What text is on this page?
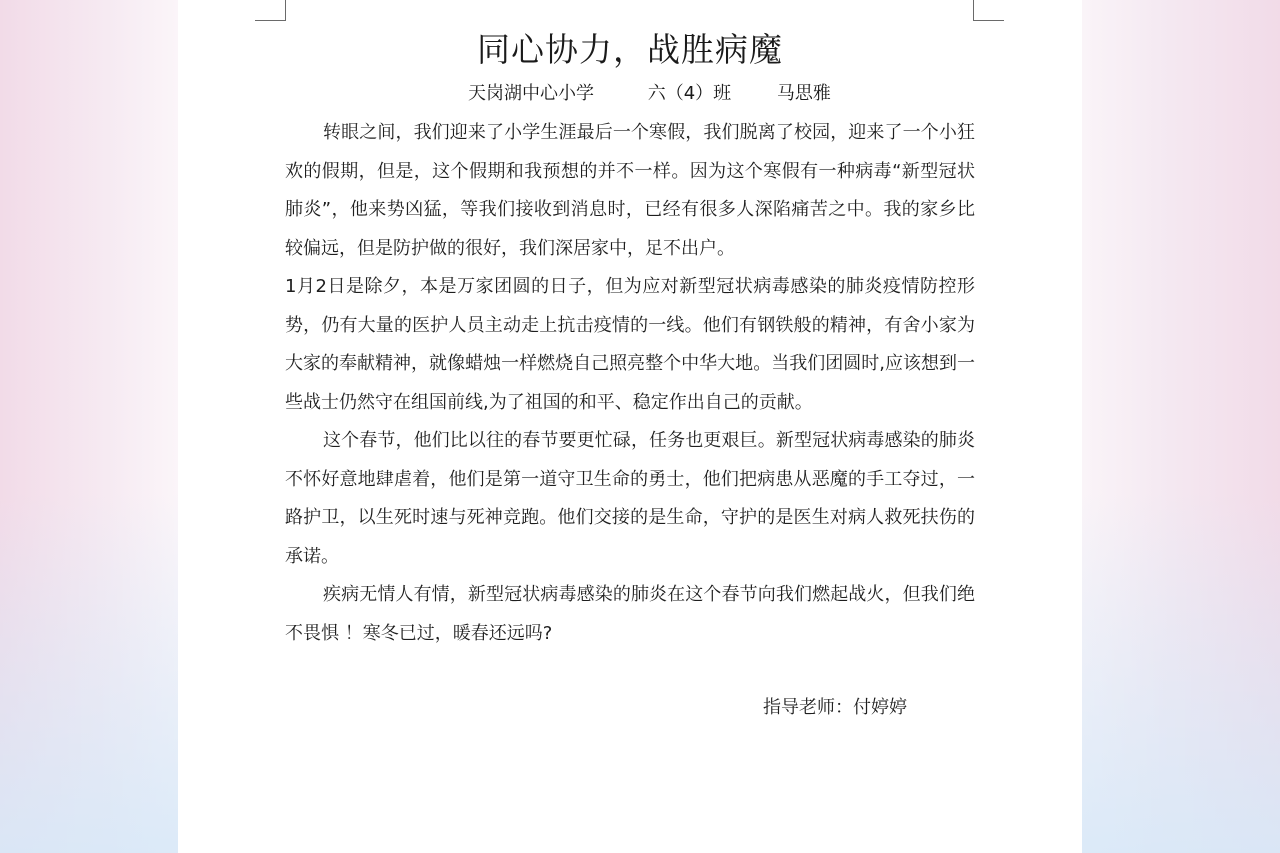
同心协力，战胜病魔
天岗湖中心小学	六（4）班	马思雅

转眼之间，我们迎来了小学生涯最后一个寒假，我们脱离了校园，迎来了一个小狂欢的假期，但是，这个假期和我预想的并不一样。因为这个寒假有一种病毒“新型冠状肺炎”，他来势凶猛，等我们接收到消息时，已经有很多人深陷痛苦之中。我的家乡比较偏远，但是防护做的很好，我们深居家中，足不出户。

1月2日是除夕，本是万家团圆的日子，但为应对新型冠状病毒感染的肺炎疫情防控形势，仍有大量的医护人员主动走上抗击疫情的一线。他们有钢铁般的精神，有舍小家为大家的奉献精神，就像蜡烛一样燃烧自己照亮整个中华大地。当我们团圆时,应该想到一些战士仍然守在组国前线,为了祖国的和平、稳定作出自己的贡献。

这个春节，他们比以往的春节要更忙碌，任务也更艰巨。新型冠状病毒感染的肺炎不怀好意地肆虐着，他们是第一道守卫生命的勇士，他们把病患从恶魔的手工夺过，一路护卫，以生死时速与死神竞跑。他们交接的是生命，守护的是医生对病人救死扶伤的承诺。

疾病无情人有情，新型冠状病毒感染的肺炎在这个春节向我们燃起战火，但我们绝不畏惧 ！寒冬已过，暖春还远吗?

指导老师：付婷婷
